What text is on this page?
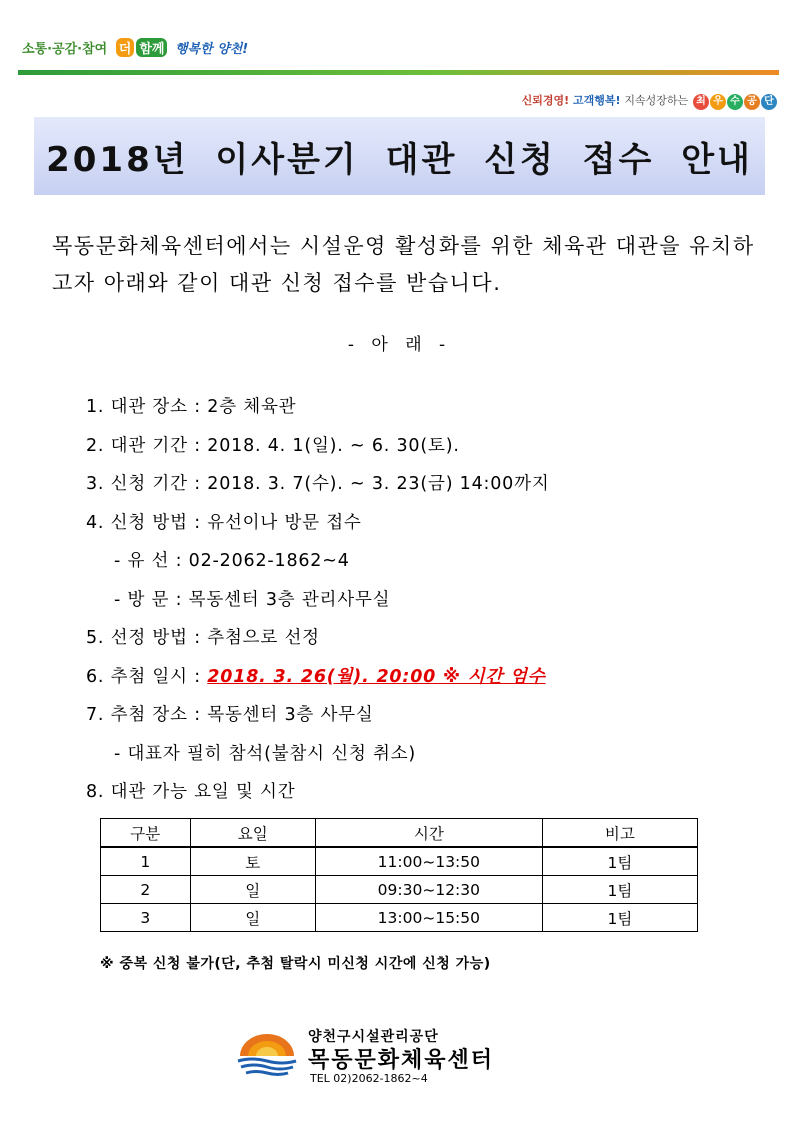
소통·공감·참여 더 함께 행복한 양천!
신뢰경영! 고객행복! 지속성장하는 최 우 수 공 단
2018년 이사분기 대관 신청 접수 안내
목동문화체육센터에서는 시설운영 활성화를 위한 체육관 대관을 유치하고자 아래와 같이 대관 신청 접수를 받습니다.
- 아 래 -
1. 대관 장소 : 2층 체육관
2. 대관 기간 : 2018. 4. 1(일). ~ 6. 30(토).
3. 신청 기간 : 2018. 3. 7(수). ~ 3. 23(금) 14:00까지
4. 신청 방법 : 유선이나 방문 접수
- 유 선 : 02-2062-1862~4
- 방 문 : 목동센터 3층 관리사무실
5. 선정 방법 : 추첨으로 선정
6. 추첨 일시 : 2018. 3. 26(월). 20:00 ※ 시간 엄수
7. 추첨 장소 : 목동센터 3층 사무실
- 대표자 필히 참석(불참시 신청 취소)
8. 대관 가능 요일 및 시간
구분	요일	시간	비고
1	토	11:00~13:50	1팀
2	일	09:30~12:30	1팀
3	일	13:00~15:50	1팀
※ 중복 신청 불가(단, 추첨 탈락시 미신청 시간에 신청 가능)
양천구시설관리공단
목동문화체육센터
TEL 02)2062-1862~4
